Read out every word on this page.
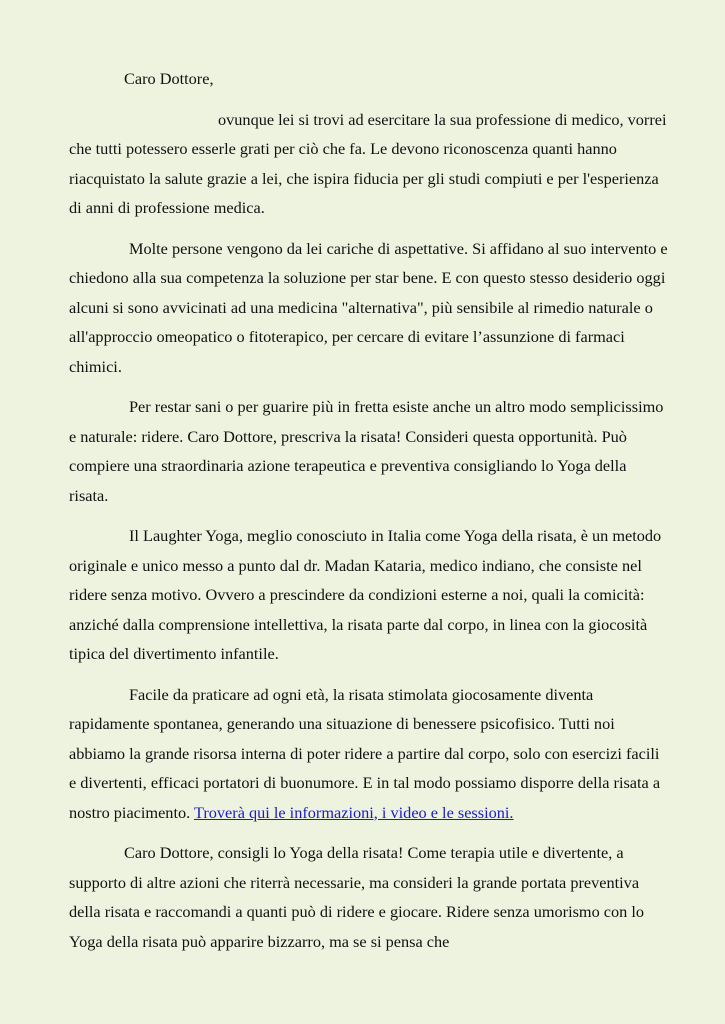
Caro Dottore,

ovunque lei si trovi ad esercitare la sua professione di medico, vorrei che tutti potessero esserle grati per ciò che fa. Le devono riconoscenza quanti hanno riacquistato la salute grazie a lei, che ispira fiducia per gli studi compiuti e per l'esperienza di anni di professione medica.

Molte persone vengono da lei cariche di aspettative. Si affidano al suo intervento e chiedono alla sua competenza la soluzione per star bene. E con questo stesso desiderio oggi alcuni si sono avvicinati ad una medicina "alternativa", più sensibile al rimedio naturale o all'approccio omeopatico o fitoterapico, per cercare di evitare l’assunzione di farmaci chimici.

Per restar sani o per guarire più in fretta esiste anche un altro modo semplicissimo e naturale: ridere. Caro Dottore, prescriva la risata! Consideri questa opportunità. Può compiere una straordinaria azione terapeutica e preventiva consigliando lo Yoga della risata.

Il Laughter Yoga, meglio conosciuto in Italia come Yoga della risata, è un metodo originale e unico messo a punto dal dr. Madan Kataria, medico indiano, che consiste nel ridere senza motivo. Ovvero a prescindere da condizioni esterne a noi, quali la comicità: anziché dalla comprensione intellettiva, la risata parte dal corpo, in linea con la giocosità tipica del divertimento infantile.

Facile da praticare ad ogni età, la risata stimolata giocosamente diventa rapidamente spontanea, generando una situazione di benessere psicofisico. Tutti noi abbiamo la grande risorsa interna di poter ridere a partire dal corpo, solo con esercizi facili e divertenti, efficaci portatori di buonumore. E in tal modo possiamo disporre della risata a nostro piacimento. Troverà qui le informazioni, i video e le sessioni.

Caro Dottore, consigli lo Yoga della risata! Come terapia utile e divertente, a supporto di altre azioni che riterrà necessarie, ma consideri la grande portata preventiva della risata e raccomandi a quanti può di ridere e giocare. Ridere senza umorismo con lo Yoga della risata può apparire bizzarro, ma se si pensa che
